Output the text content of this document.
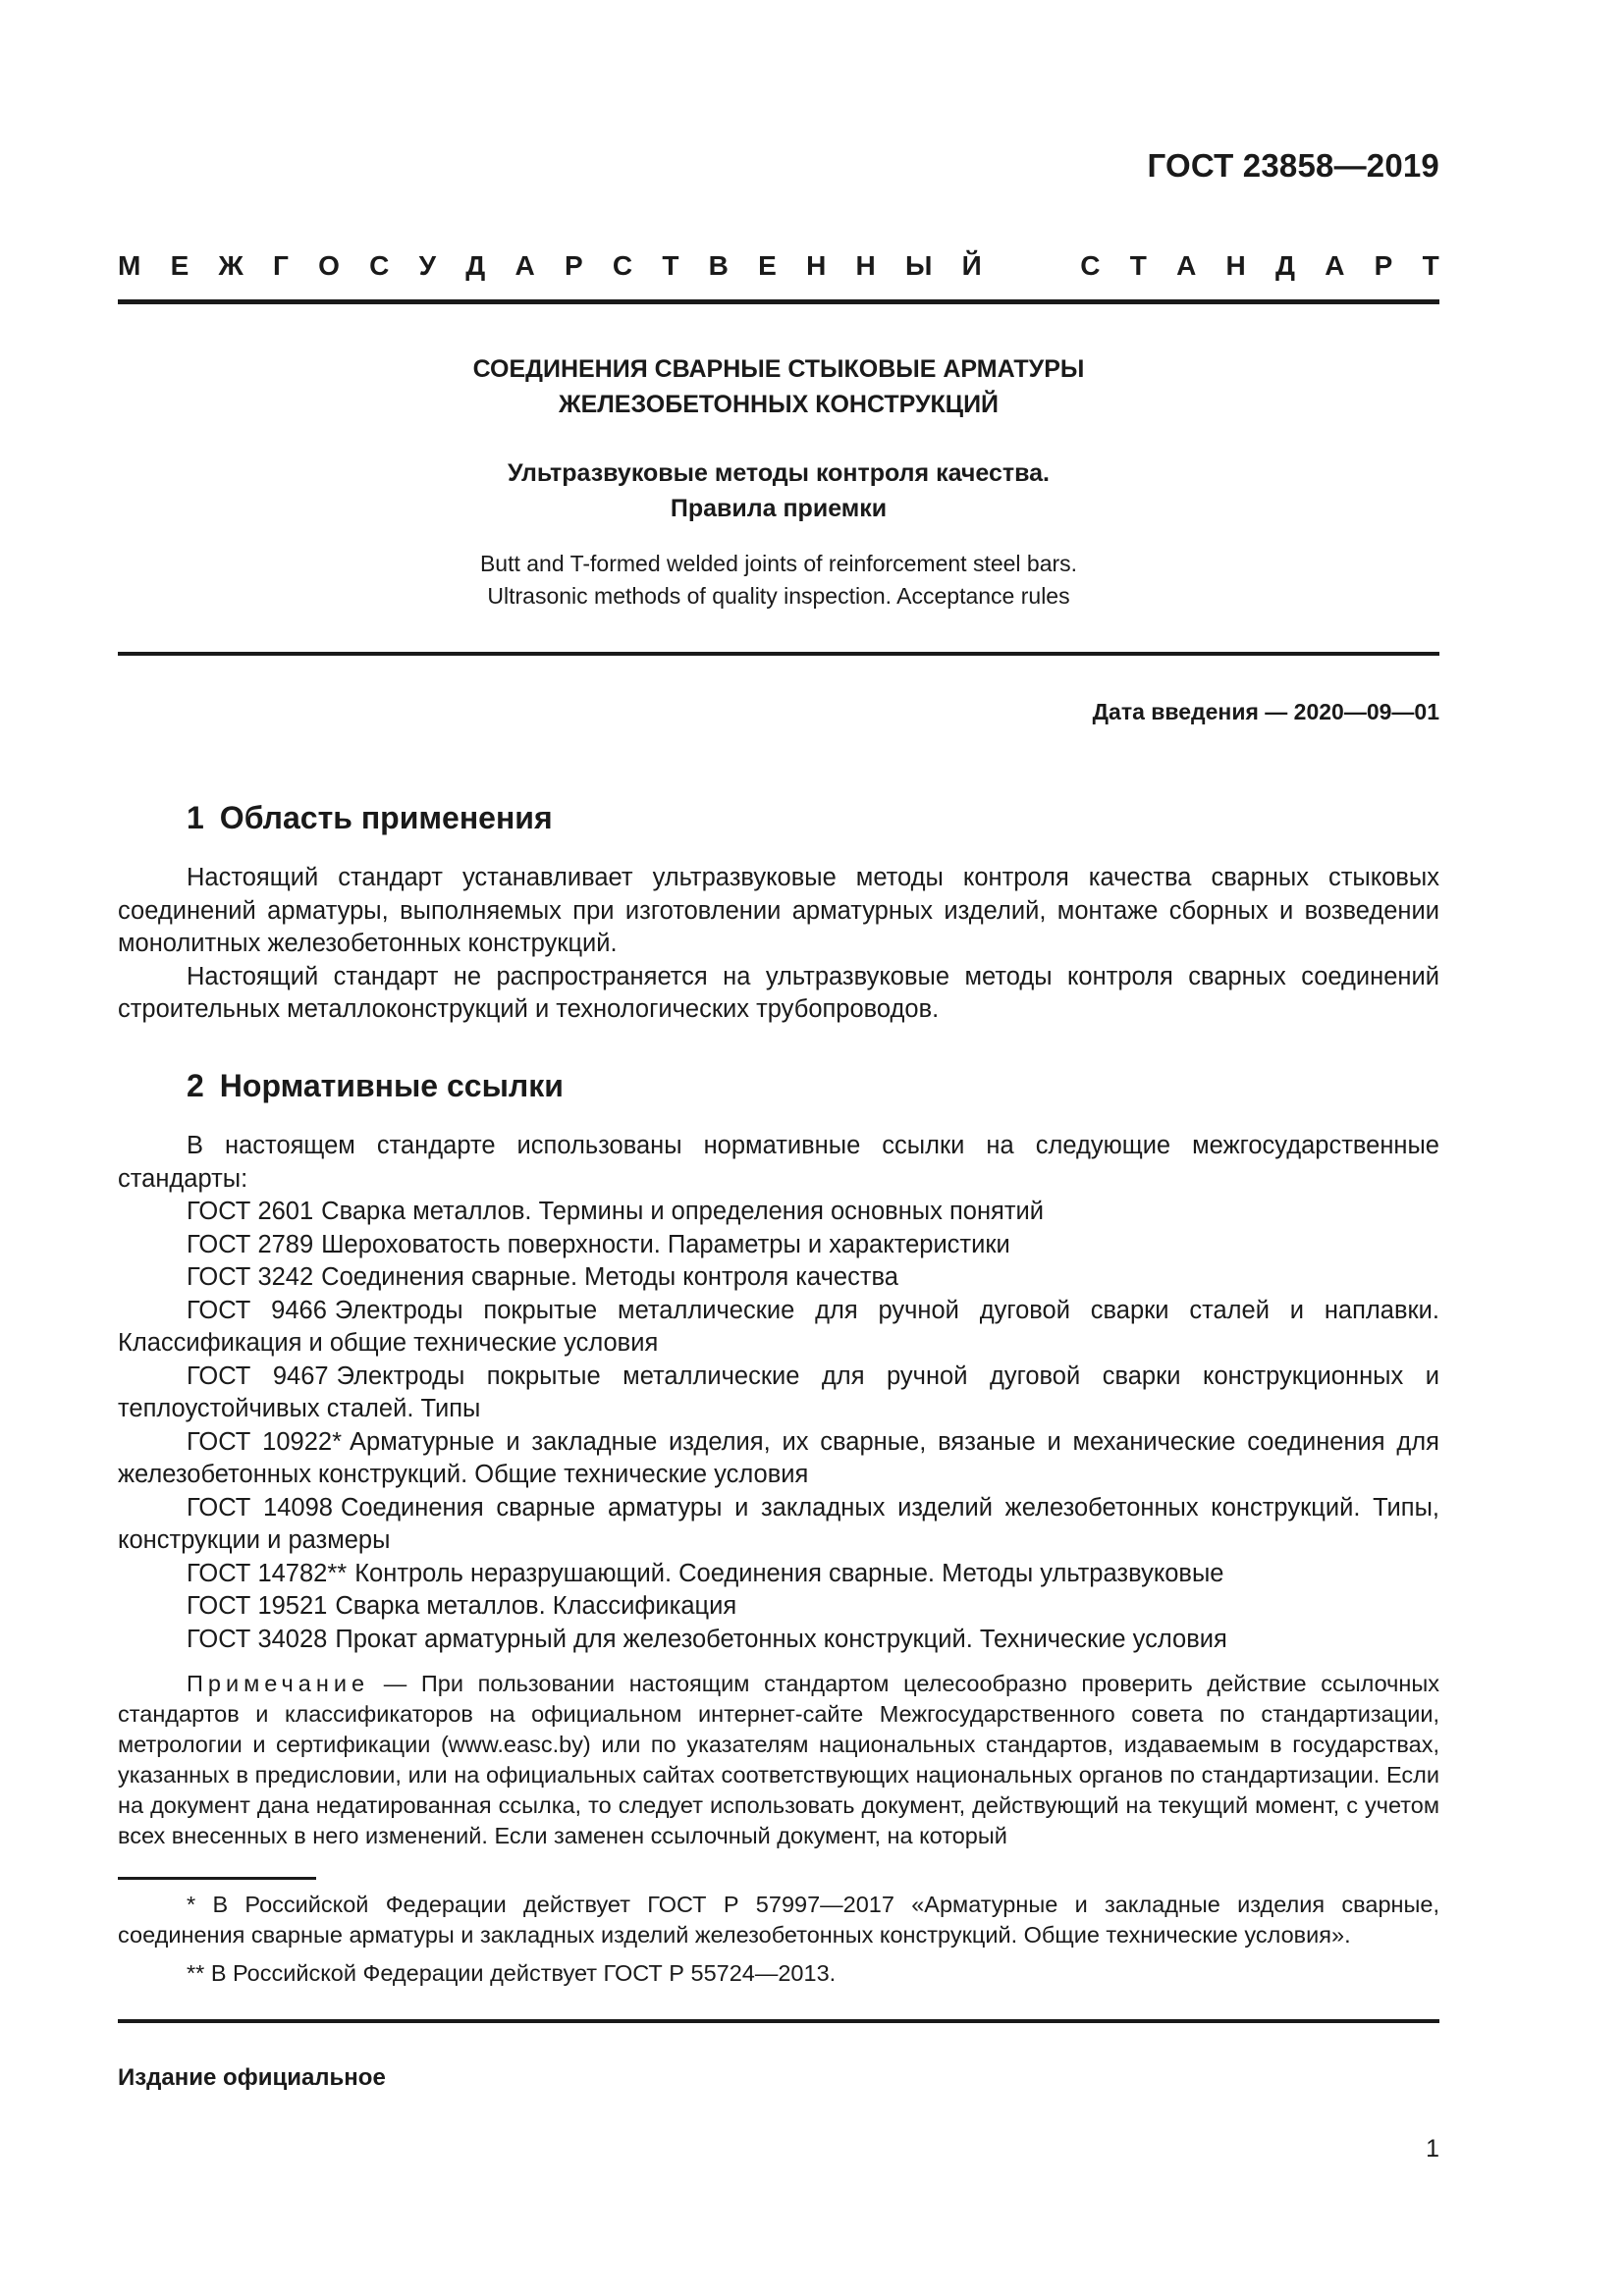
ГОСТ 23858—2019
М Е Ж Г О С У Д А Р С Т В Е Н Н Ы Й	С Т А Н Д А Р Т
СОЕДИНЕНИЯ СВАРНЫЕ СТЫКОВЫЕ АРМАТУРЫ
ЖЕЛЕЗОБЕТОННЫХ КОНСТРУКЦИЙ
Ультразвуковые методы контроля качества.
Правила приемки
Butt and T-formed welded joints of reinforcement steel bars.
Ultrasonic methods of quality inspection. Acceptance rules
Дата введения — 2020—09—01
1 Область применения

Настоящий стандарт устанавливает ультразвуковые методы контроля качества сварных стыковых соединений арматуры, выполняемых при изготовлении арматурных изделий, монтаже сборных и возведении монолитных железобетонных конструкций.

Настоящий стандарт не распространяется на ультразвуковые методы контроля сварных соединений строительных металлоконструкций и технологических трубопроводов.

2 Нормативные ссылки

В настоящем стандарте использованы нормативные ссылки на следующие межгосударственные стандарты:

ГОСТ 2601 Сварка металлов. Термины и определения основных понятий

ГОСТ 2789 Шероховатость поверхности. Параметры и характеристики

ГОСТ 3242 Соединения сварные. Методы контроля качества

ГОСТ 9466 Электроды покрытые металлические для ручной дуговой сварки сталей и наплавки. Классификация и общие технические условия

ГОСТ 9467 Электроды покрытые металлические для ручной дуговой сварки конструкционных и теплоустойчивых сталей. Типы

ГОСТ 10922* Арматурные и закладные изделия, их сварные, вязаные и механические соединения для железобетонных конструкций. Общие технические условия

ГОСТ 14098 Соединения сварные арматуры и закладных изделий железобетонных конструкций. Типы, конструкции и размеры

ГОСТ 14782** Контроль неразрушающий. Соединения сварные. Методы ультразвуковые

ГОСТ 19521 Сварка металлов. Классификация

ГОСТ 34028 Прокат арматурный для железобетонных конструкций. Технические условия

Примечание — При пользовании настоящим стандартом целесообразно проверить действие ссылочных стандартов и классификаторов на официальном интернет-сайте Межгосударственного совета по стандартизации, метрологии и сертификации (www.easc.by) или по указателям национальных стандартов, издаваемым в государствах, указанных в предисловии, или на официальных сайтах соответствующих национальных органов по стандартизации. Если на документ дана недатированная ссылка, то следует использовать документ, действующий на текущий момент, с учетом всех внесенных в него изменений. Если заменен ссылочный документ, на который

* В Российской Федерации действует ГОСТ Р 57997—2017 «Арматурные и закладные изделия сварные, соединения сварные арматуры и закладных изделий железобетонных конструкций. Общие технические условия».

** В Российской Федерации действует ГОСТ Р 55724—2013.

Издание официальное
1
